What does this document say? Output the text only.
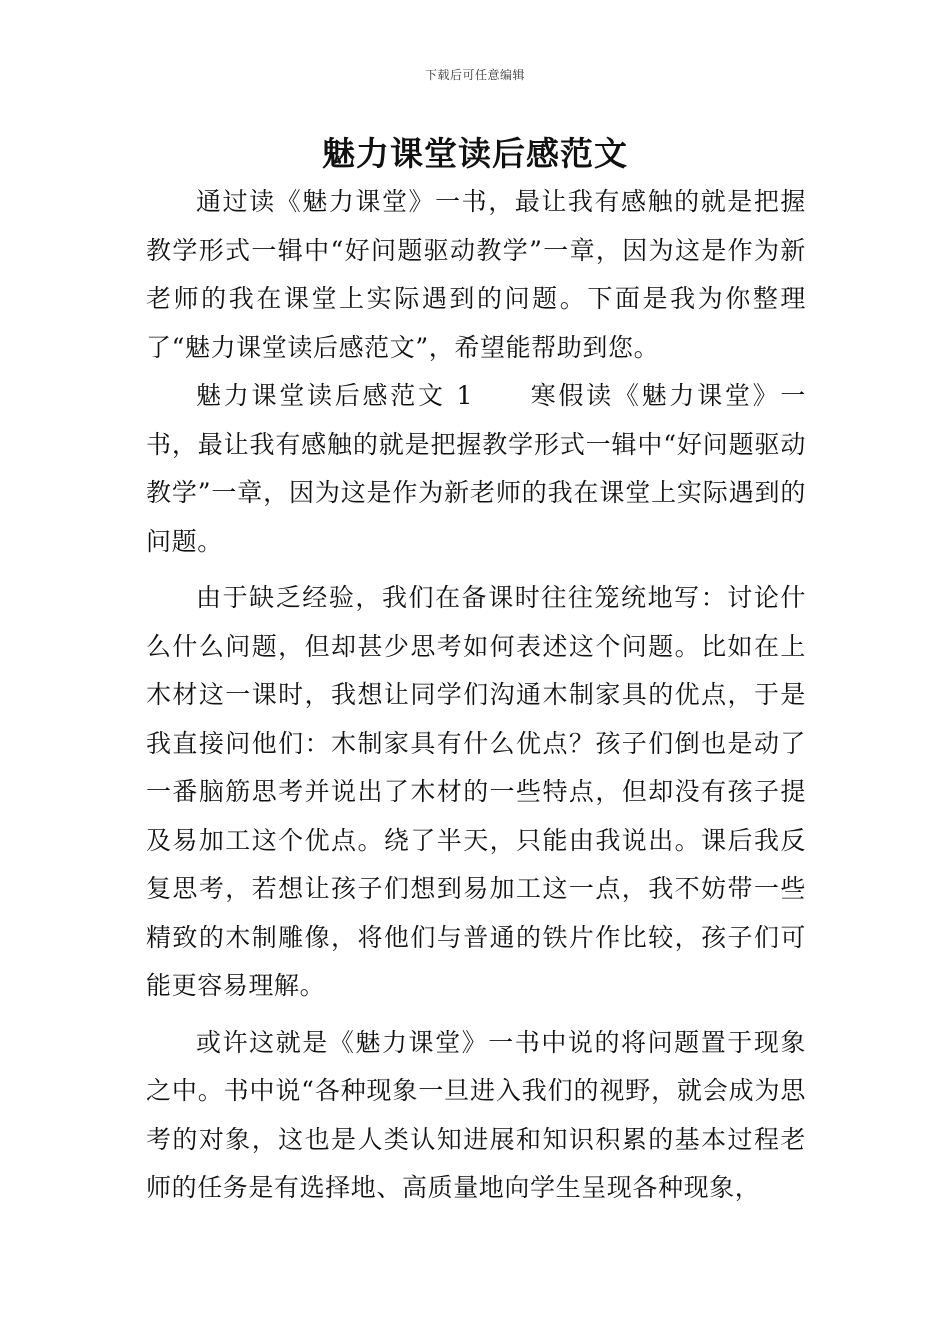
下载后可任意编辑
魅力课堂读后感范文

通过读《魅力课堂》一书，最让我有感触的就是把握教学形式一辑中“好问题驱动教学”一章，因为这是作为新老师的我在课堂上实际遇到的问题。下面是我为你整理了“魅力课堂读后感范文”，希望能帮助到您。

魅力课堂读后感范文 1　　寒假读《魅力课堂》一书，最让我有感触的就是把握教学形式一辑中“好问题驱动教学”一章，因为这是作为新老师的我在课堂上实际遇到的问题。

由于缺乏经验，我们在备课时往往笼统地写：讨论什么什么问题，但却甚少思考如何表述这个问题。比如在上木材这一课时，我想让同学们沟通木制家具的优点，于是我直接问他们：木制家具有什么优点？孩子们倒也是动了一番脑筋思考并说出了木材的一些特点，但却没有孩子提及易加工这个优点。绕了半天，只能由我说出。课后我反复思考，若想让孩子们想到易加工这一点，我不妨带一些精致的木制雕像，将他们与普通的铁片作比较，孩子们可能更容易理解。

或许这就是《魅力课堂》一书中说的将问题置于现象之中。书中说“各种现象一旦进入我们的视野，就会成为思考的对象，这也是人类认知进展和知识积累的基本过程老师的任务是有选择地、高质量地向学生呈现各种现象，
